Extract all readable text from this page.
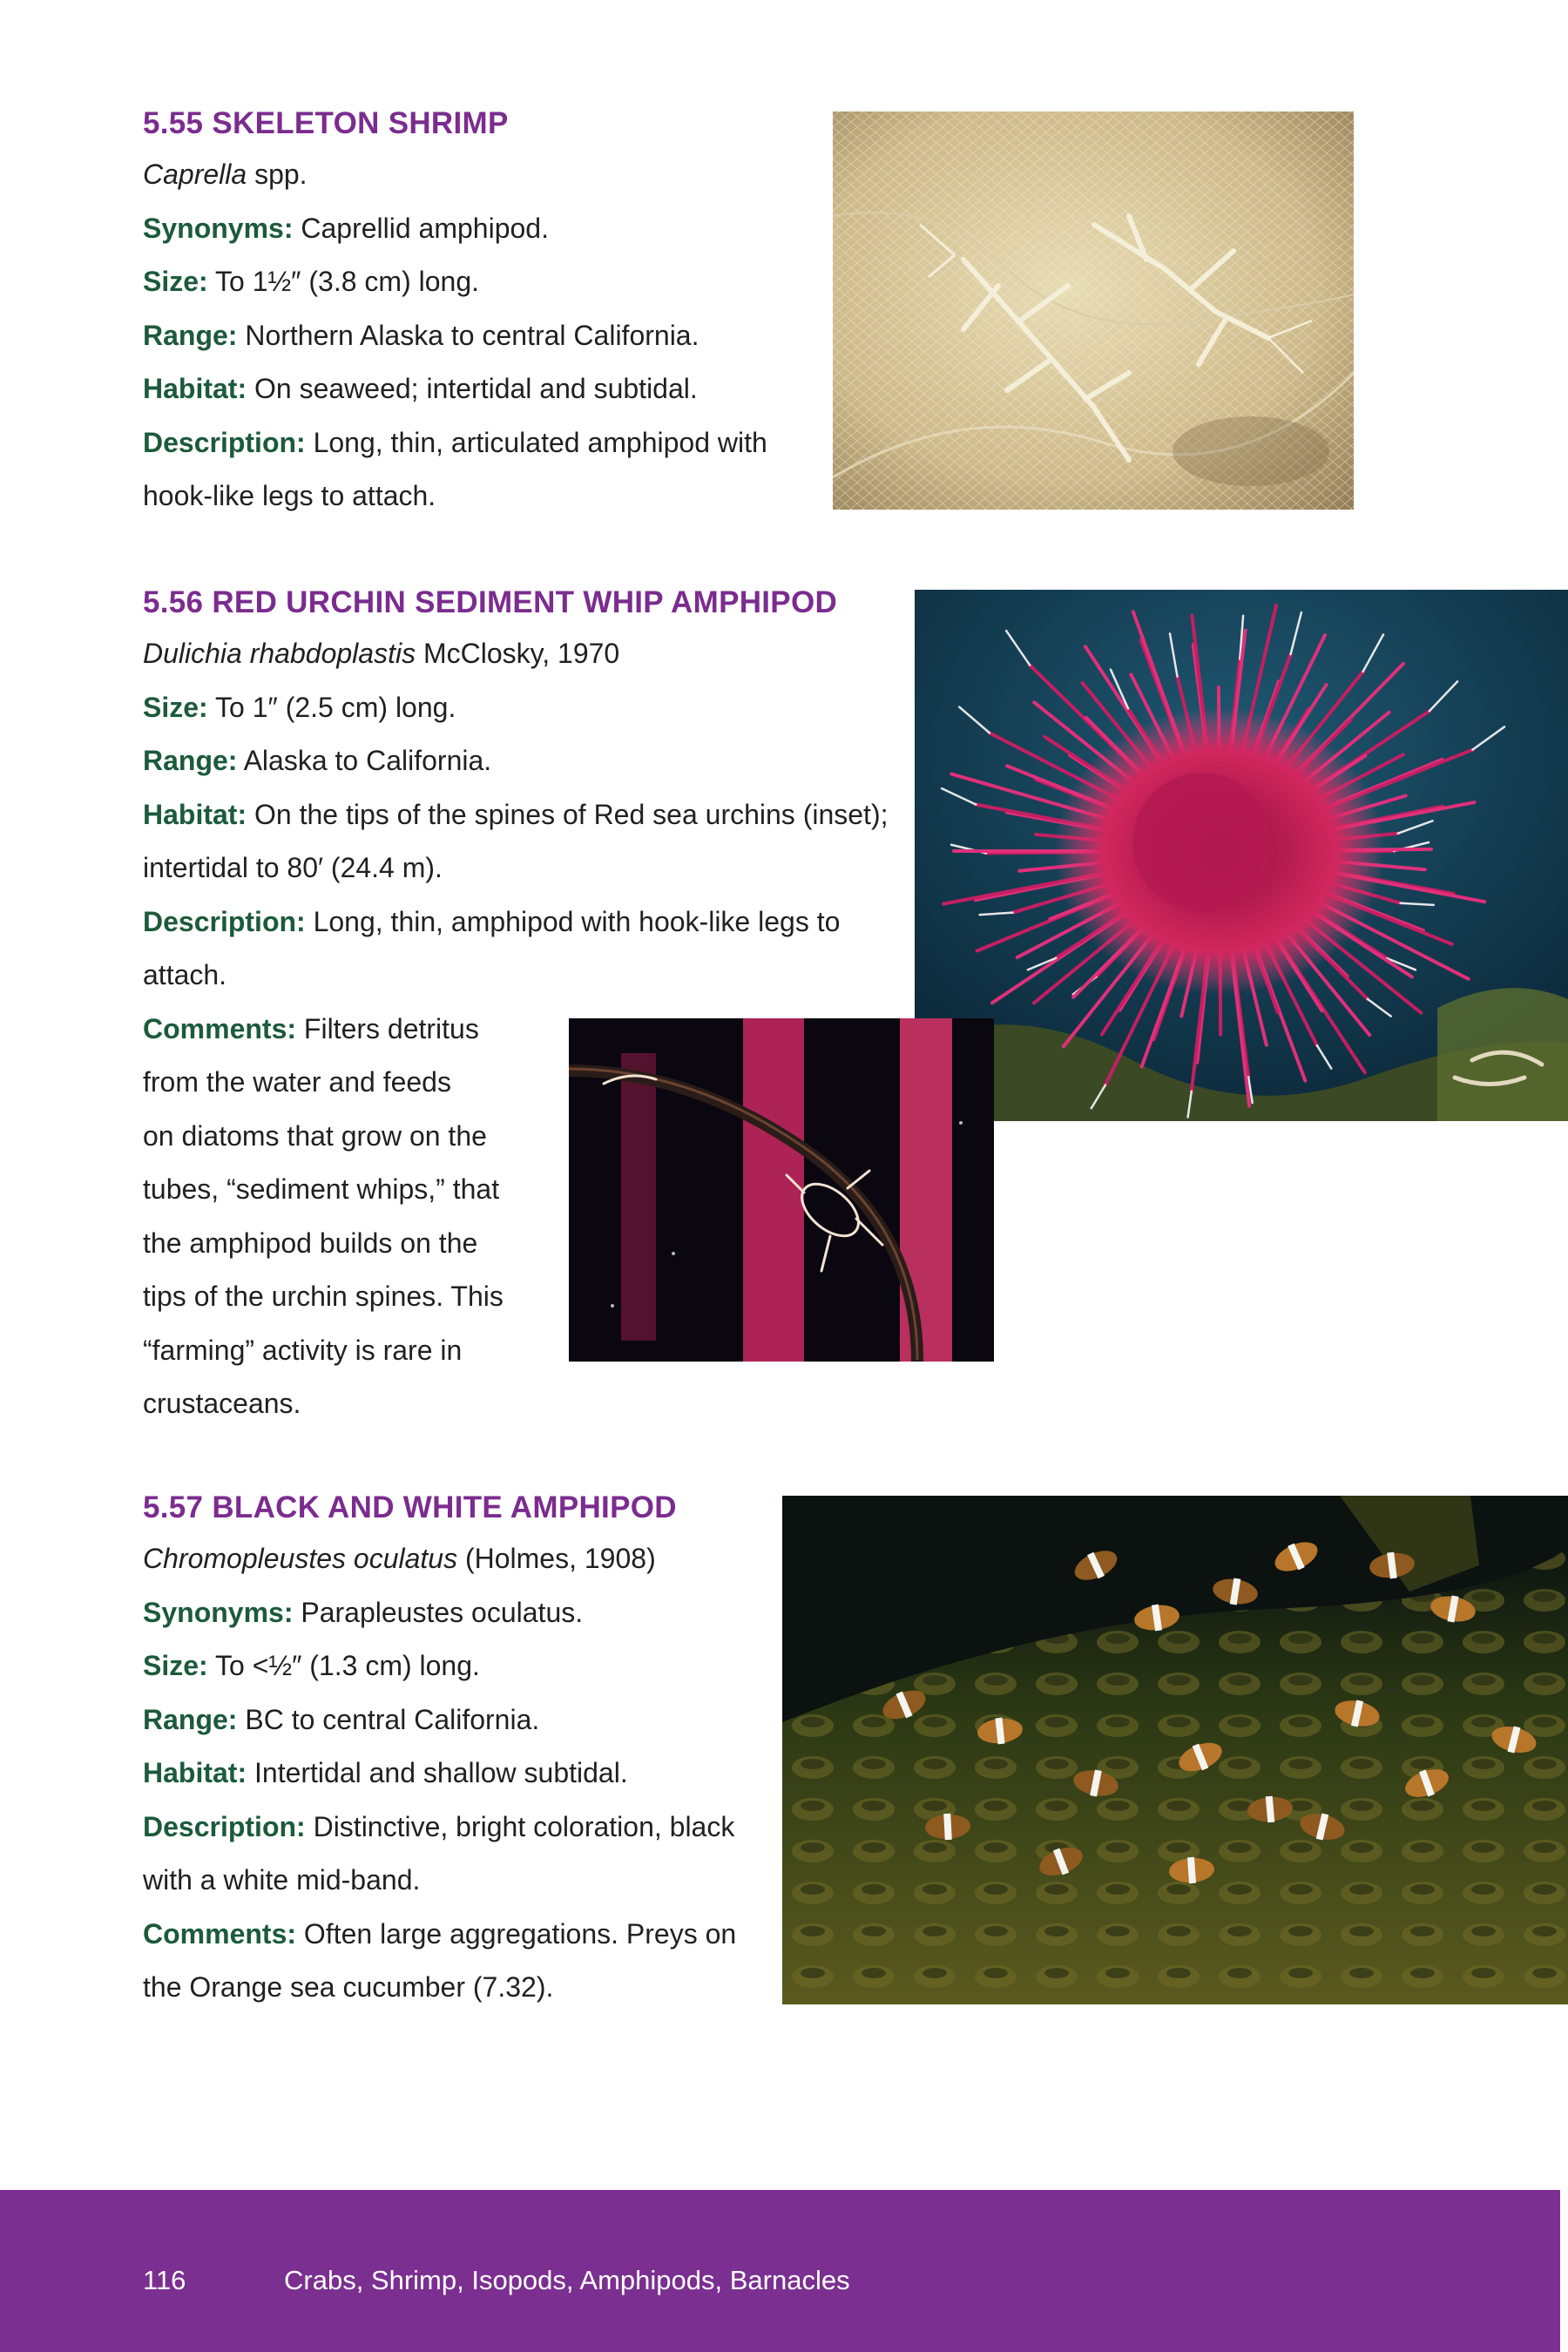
5.55 SKELETON SHRIMP
Caprella spp.
Synonyms: Caprellid amphipod.
Size: To 1½″ (3.8 cm) long.
Range: Northern Alaska to central California.
Habitat: On seaweed; intertidal and subtidal.
Description: Long, thin, articulated amphipod with
hook-like legs to attach.
5.56 RED URCHIN SEDIMENT WHIP AMPHIPOD
Dulichia rhabdoplastis McClosky, 1970
Size: To 1″ (2.5 cm) long.
Range: Alaska to California.
Habitat: On the tips of the spines of Red sea urchins (inset);
intertidal to 80′ (24.4 m).
Description: Long, thin, amphipod with hook-like legs to
attach.
Comments: Filters detritus
from the water and feeds
on diatoms that grow on the
tubes, “sediment whips,” that
the amphipod builds on the
tips of the urchin spines. This
“farming” activity is rare in
crustaceans.
5.57 BLACK AND WHITE AMPHIPOD
Chromopleustes oculatus (Holmes, 1908)
Synonyms: Parapleustes oculatus.
Size: To <½″ (1.3 cm) long.
Range: BC to central California.
Habitat: Intertidal and shallow subtidal.
Description: Distinctive, bright coloration, black
with a white mid-band.
Comments: Often large aggregations. Preys on
the Orange sea cucumber (7.32).
116	Crabs, Shrimp, Isopods, Amphipods, Barnacles
